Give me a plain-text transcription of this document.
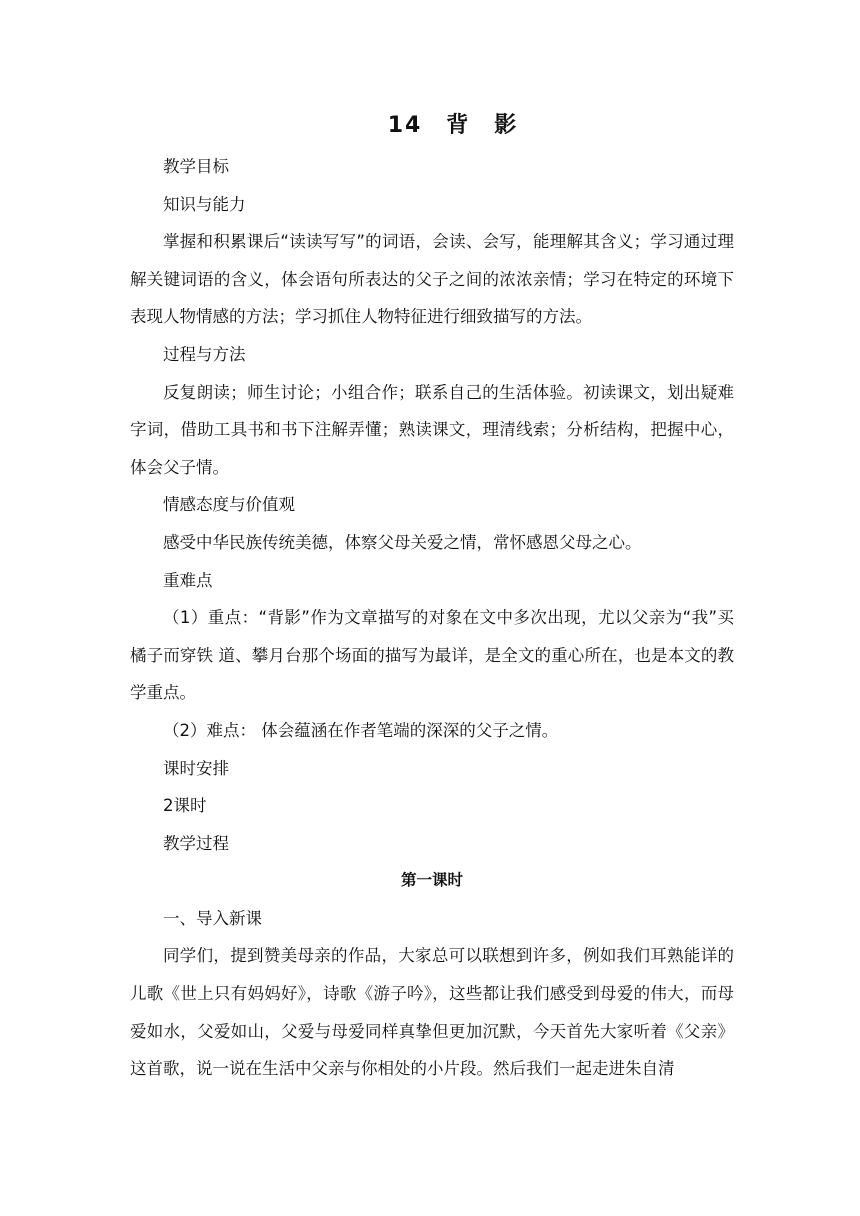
14　背　影

教学目标

知识与能力

掌握和积累课后“读读写写”的词语，会读、会写，能理解其含义；学习通过理解关键词语的含义，体会语句所表达的父子之间的浓浓亲情；学习在特定的环境下表现人物情感的方法；学习抓住人物特征进行细致描写的方法。

过程与方法

反复朗读；师生讨论；小组合作；联系自己的生活体验。初读课文，划出疑难字词，借助工具书和书下注解弄懂；熟读课文，理清线索；分析结构，把握中心，体会父子情。

情感态度与价值观

感受中华民族传统美德，体察父母关爱之情，常怀感恩父母之心。

重难点

（1）重点：“背影”作为文章描写的对象在文中多次出现，尤以父亲为“我”买橘子而穿铁 道、攀月台那个场面的描写为最详，是全文的重心所在，也是本文的教学重点。

（2）难点： 体会蕴涵在作者笔端的深深的父子之情。

课时安排

2课时

教学过程

第一课时

一、导入新课

同学们，提到赞美母亲的作品，大家总可以联想到许多，例如我们耳熟能详的儿歌《世上只有妈妈好》，诗歌《游子吟》，这些都让我们感受到母爱的伟大，而母爱如水，父爱如山，父爱与母爱同样真挚但更加沉默，今天首先大家听着《父亲》这首歌，说一说在生活中父亲与你相处的小片段。然后我们一起走进朱自清
